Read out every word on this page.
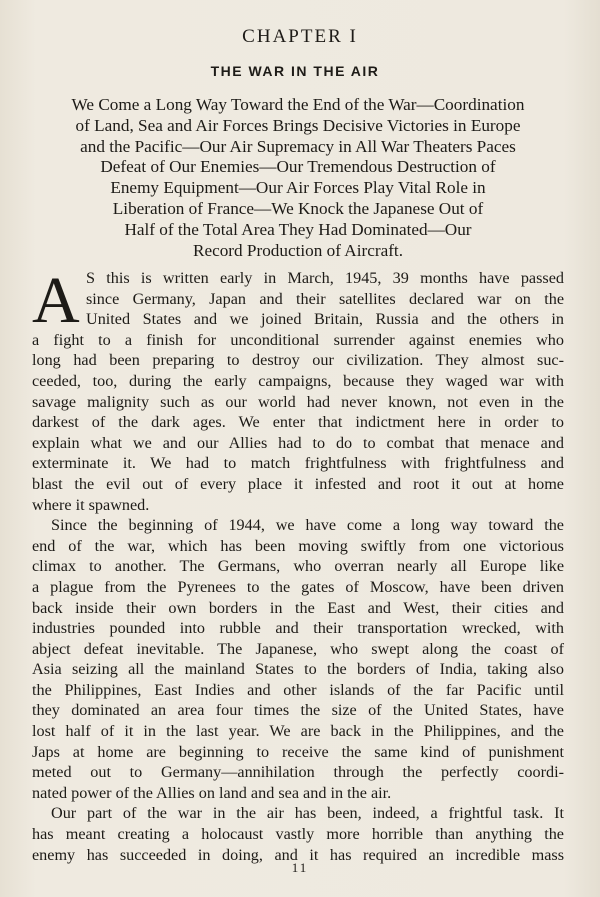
CHAPTER I
THE WAR IN THE AIR
We Come a Long Way Toward the End of the War—Coordination
of Land, Sea and Air Forces Brings Decisive Victories in Europe
and the Pacific—Our Air Supremacy in All War Theaters Paces
Defeat of Our Enemies—Our Tremendous Destruction of
Enemy Equipment—Our Air Forces Play Vital Role in
Liberation of France—We Knock the Japanese Out of
Half of the Total Area They Had Dominated—Our
Record Production of Aircraft.
A S this is written early in March, 1945, 39 months have passed
since Germany, Japan and their satellites declared war on the
United States and we joined Britain, Russia and the others in
a fight to a finish for unconditional surrender against enemies who
long had been preparing to destroy our civilization. They almost suc-
ceeded, too, during the early campaigns, because they waged war with
savage malignity such as our world had never known, not even in the
darkest of the dark ages. We enter that indictment here in order to
explain what we and our Allies had to do to combat that menace and
exterminate it. We had to match frightfulness with frightfulness and
blast the evil out of every place it infested and root it out at home
where it spawned.
Since the beginning of 1944, we have come a long way toward the
end of the war, which has been moving swiftly from one victorious
climax to another. The Germans, who overran nearly all Europe like
a plague from the Pyrenees to the gates of Moscow, have been driven
back inside their own borders in the East and West, their cities and
industries pounded into rubble and their transportation wrecked, with
abject defeat inevitable. The Japanese, who swept along the coast of
Asia seizing all the mainland States to the borders of India, taking also
the Philippines, East Indies and other islands of the far Pacific until
they dominated an area four times the size of the United States, have
lost half of it in the last year. We are back in the Philippines, and the
Japs at home are beginning to receive the same kind of punishment
meted out to Germany—annihilation through the perfectly coordi-
nated power of the Allies on land and sea and in the air.
Our part of the war in the air has been, indeed, a frightful task. It
has meant creating a holocaust vastly more horrible than anything the
enemy has succeeded in doing, and it has required an incredible mass
11
